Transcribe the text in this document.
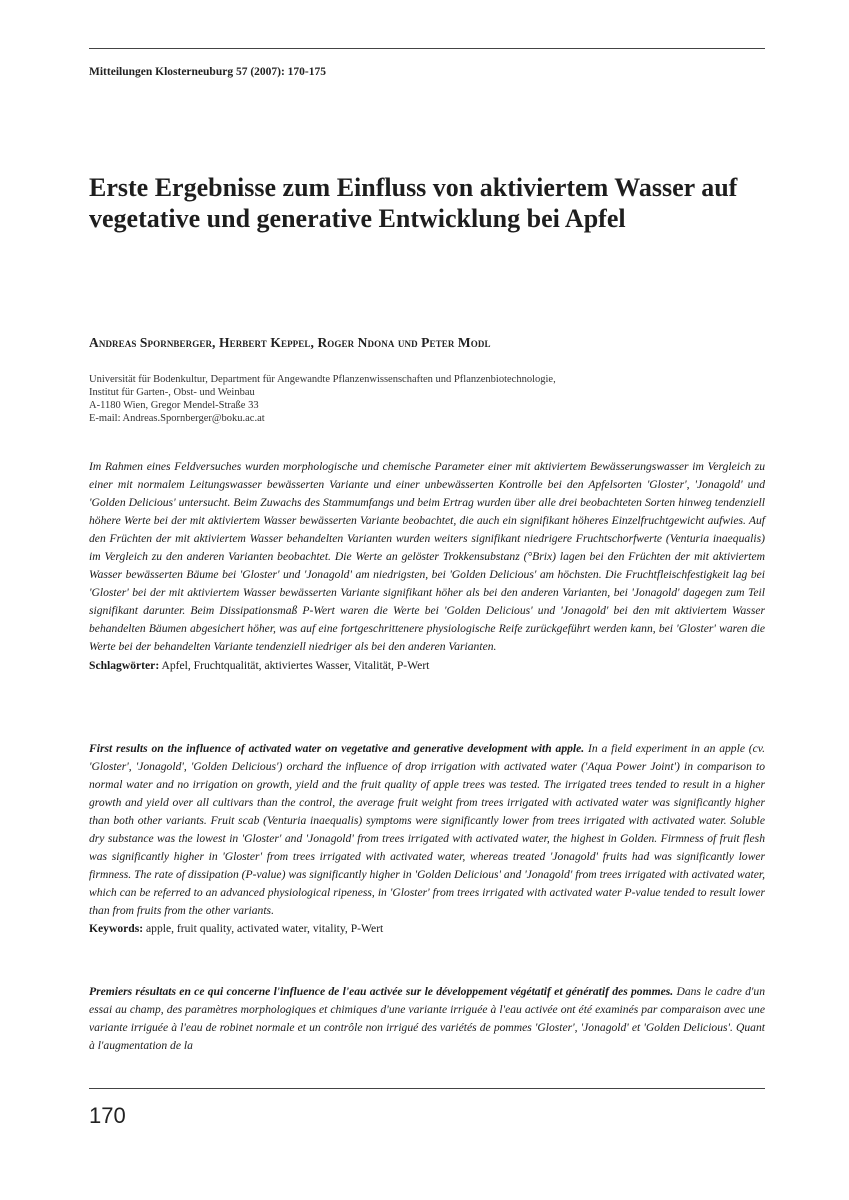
Mitteilungen Klosterneuburg 57 (2007): 170-175
Erste Ergebnisse zum Einfluss von aktiviertem Wasser auf vegetative und generative Entwicklung bei Apfel
Andreas Spornberger, Herbert Keppel, Roger Ndona und Peter Modl
Universität für Bodenkultur, Department für Angewandte Pflanzenwissenschaften und Pflanzenbiotechnologie,
Institut für Garten-, Obst- und Weinbau
A-1180 Wien, Gregor Mendel-Straße 33
E-mail: Andreas.Spornberger@boku.ac.at
Im Rahmen eines Feldversuches wurden morphologische und chemische Parameter einer mit aktiviertem Bewässerungswasser im Vergleich zu einer mit normalem Leitungswasser bewässerten Variante und einer unbewässerten Kontrolle bei den Apfelsorten 'Gloster', 'Jonagold' und 'Golden Delicious' untersucht. Beim Zuwachs des Stammumfangs und beim Ertrag wurden über alle drei beobachteten Sorten hinweg tendenziell höhere Werte bei der mit aktiviertem Wasser bewässerten Variante beobachtet, die auch ein signifikant höheres Einzelfruchtgewicht aufwies. Auf den Früchten der mit aktiviertem Wasser behandelten Varianten wurden weiters signifikant niedrigere Fruchtschorfwerte (Venturia inaequalis) im Vergleich zu den anderen Varianten beobachtet. Die Werte an gelöster Trokkensubstanz (°Brix) lagen bei den Früchten der mit aktiviertem Wasser bewässerten Bäume bei 'Gloster' und 'Jonagold' am niedrigsten, bei 'Golden Delicious' am höchsten. Die Fruchtfleischfestigkeit lag bei 'Gloster' bei der mit aktiviertem Wasser bewässerten Variante signifikant höher als bei den anderen Varianten, bei 'Jonagold' dagegen zum Teil signifikant darunter. Beim Dissipationsmaß P-Wert waren die Werte bei 'Golden Delicious' und 'Jonagold' bei den mit aktiviertem Wasser behandelten Bäumen abgesichert höher, was auf eine fortgeschrittenere physiologische Reife zurückgeführt werden kann, bei 'Gloster' waren die Werte bei der behandelten Variante tendenziell niedriger als bei den anderen Varianten.
Schlagwörter: Apfel, Fruchtqualität, aktiviertes Wasser, Vitalität, P-Wert
First results on the influence of activated water on vegetative and generative development with apple. In a field experiment in an apple (cv. 'Gloster', 'Jonagold', 'Golden Delicious') orchard the influence of drop irrigation with activated water ('Aqua Power Joint') in comparison to normal water and no irrigation on growth, yield and the fruit quality of apple trees was tested. The irrigated trees tended to result in a higher growth and yield over all cultivars than the control, the average fruit weight from trees irrigated with activated water was significantly higher than both other variants. Fruit scab (Venturia inaequalis) symptoms were significantly lower from trees irrigated with activated water. Soluble dry substance was the lowest in 'Gloster' and 'Jonagold' from trees irrigated with activated water, the highest in Golden. Firmness of fruit flesh was significantly higher in 'Gloster' from trees irrigated with activated water, whereas treated 'Jonagold' fruits had was significantly lower firmness. The rate of dissipation (P-value) was significantly higher in 'Golden Delicious' and 'Jonagold' from trees irrigated with activated water, which can be referred to an advanced physiological ripeness, in 'Gloster' from trees irrigated with activated water P-value tended to result lower than from fruits from the other variants.
Keywords: apple, fruit quality, activated water, vitality, P-Wert
Premiers résultats en ce qui concerne l'influence de l'eau activée sur le développement végétatif et génératif des pommes. Dans le cadre d'un essai au champ, des paramètres morphologiques et chimiques d'une variante irriguée à l'eau activée ont été examinés par comparaison avec une variante irriguée à l'eau de robinet normale et un contrôle non irrigué des variétés de pommes 'Gloster', 'Jonagold' et 'Golden Delicious'. Quant à l'augmentation de la
170
